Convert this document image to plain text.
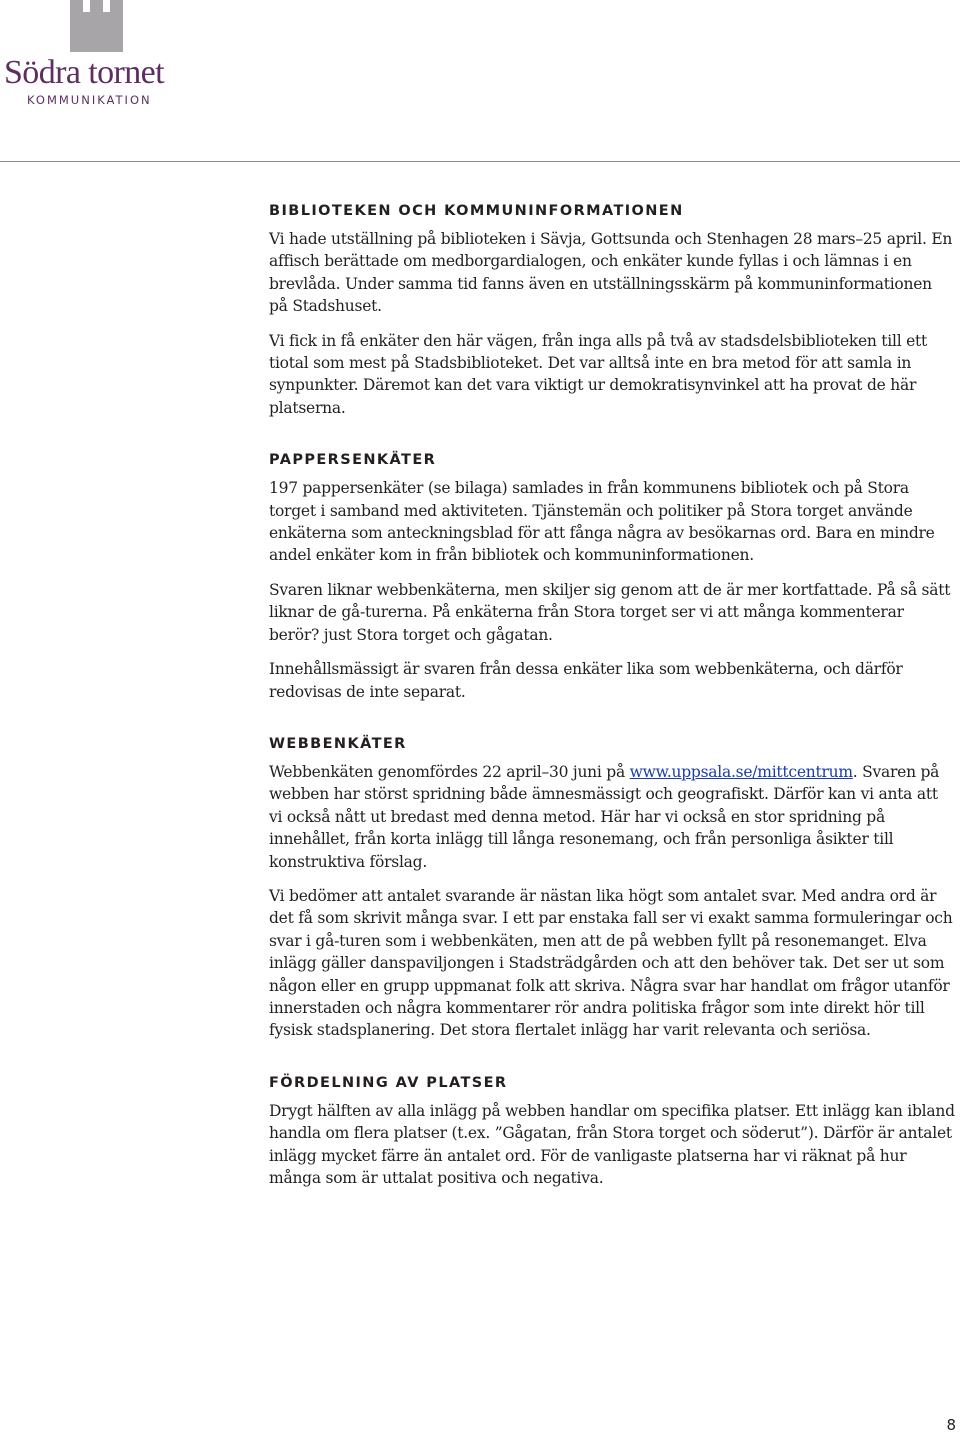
Södra tornet
KOMMUNIKATION
BIBLIOTEKEN OCH KOMMUNINFORMATIONEN

Vi hade utställning på biblioteken i Sävja, Gottsunda och Stenhagen 28 mars–25 april. En affisch berättade om medborgardialogen, och enkäter kunde fyllas i och lämnas i en brevlåda. Under samma tid fanns även en utställningsskärm på kommuninformationen på Stadshuset.

Vi fick in få enkäter den här vägen, från inga alls på två av stadsdelsbiblioteken till ett tiotal som mest på Stadsbiblioteket. Det var alltså inte en bra metod för att samla in synpunkter. Däremot kan det vara viktigt ur demokratisynvinkel att ha provat de här platserna.

PAPPERSENKÄTER

197 pappersenkäter (se bilaga) samlades in från kommunens bibliotek och på Stora torget i samband med aktiviteten. Tjänstemän och politiker på Stora torget använde enkäterna som anteckningsblad för att fånga några av besökarnas ord. Bara en mindre andel enkäter kom in från bibliotek och kommuninformationen.

Svaren liknar webbenkäterna, men skiljer sig genom att de är mer kortfattade. På så sätt liknar de gå-turerna. På enkäterna från Stora torget ser vi att många kommenterar berör? just Stora torget och gågatan.

Innehållsmässigt är svaren från dessa enkäter lika som webbenkäterna, och därför redovisas de inte separat.

WEBBENKÄTER

Webbenkäten genomfördes 22 april–30 juni på www.uppsala.se/mittcentrum. Svaren på webben har störst spridning både ämnesmässigt och geografiskt. Därför kan vi anta att vi också nått ut bredast med denna metod. Här har vi också en stor spridning på innehållet, från korta inlägg till långa resonemang, och från personliga åsikter till konstruktiva förslag.

Vi bedömer att antalet svarande är nästan lika högt som antalet svar. Med andra ord är det få som skrivit många svar. I ett par enstaka fall ser vi exakt samma formuleringar och svar i gå-turen som i webbenkäten, men att de på webben fyllt på resonemanget. Elva inlägg gäller danspaviljongen i Stadsträdgården och att den behöver tak. Det ser ut som någon eller en grupp uppmanat folk att skriva. Några svar har handlat om frågor utanför innerstaden och några kommentarer rör andra politiska frågor som inte direkt hör till fysisk stadsplanering. Det stora flertalet inlägg har varit relevanta och seriösa.

FÖRDELNING AV PLATSER

Drygt hälften av alla inlägg på webben handlar om specifika platser. Ett inlägg kan ibland handla om flera platser (t.ex. ”Gågatan, från Stora torget och söderut”). Därför är antalet inlägg mycket färre än antalet ord. För de vanligaste platserna har vi räknat på hur många som är uttalat positiva och negativa.

8
